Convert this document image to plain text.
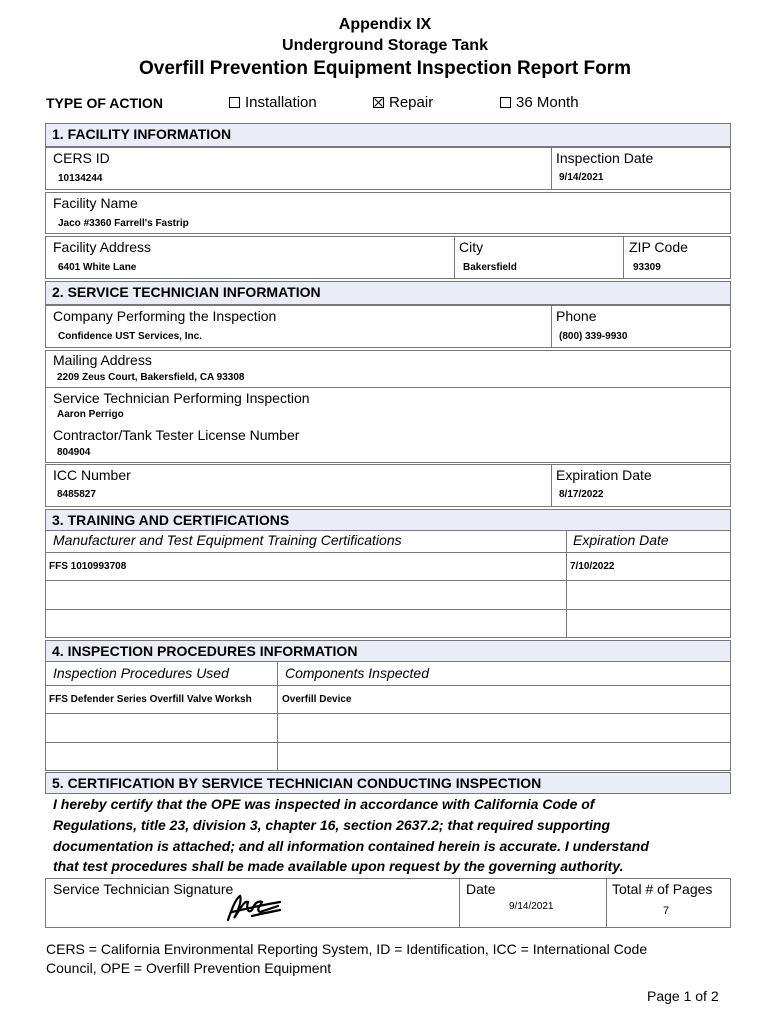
Appendix IX
Underground Storage Tank
Overfill Prevention Equipment Inspection Report Form
TYPE OF ACTION	Installation	Repair	36 Month
1. FACILITY INFORMATION
CERS ID
10134244
Inspection Date
9/14/2021
Facility Name
Jaco #3360 Farrell's Fastrip
Facility Address
6401 White Lane
City
Bakersfield
ZIP Code
93309
2. SERVICE TECHNICIAN INFORMATION
Company Performing the Inspection
Confidence UST Services, Inc.
Phone
(800) 339-9930
Mailing Address
2209 Zeus Court, Bakersfield, CA 93308
Service Technician Performing Inspection
Aaron Perrigo
Contractor/Tank Tester License Number
804904
ICC Number
8485827
Expiration Date
8/17/2022
3. TRAINING AND CERTIFICATIONS
Manufacturer and Test Equipment Training Certifications	Expiration Date
FFS 1010993708	7/10/2022
4. INSPECTION PROCEDURES INFORMATION
Inspection Procedures Used	Components Inspected
FFS Defender Series Overfill Valve Worksh	Overfill Device
5. CERTIFICATION BY SERVICE TECHNICIAN CONDUCTING INSPECTION
I hereby certify that the OPE was inspected in accordance with California Code of
Regulations, title 23, division 3, chapter 16, section 2637.2; that required supporting
documentation is attached; and all information contained herein is accurate. I understand
that test procedures shall be made available upon request by the governing authority.
Service Technician Signature	Date
9/14/2021
Total # of Pages
7
CERS = California Environmental Reporting System, ID = Identification, ICC = International Code
Council, OPE = Overfill Prevention Equipment
Page 1 of 2
